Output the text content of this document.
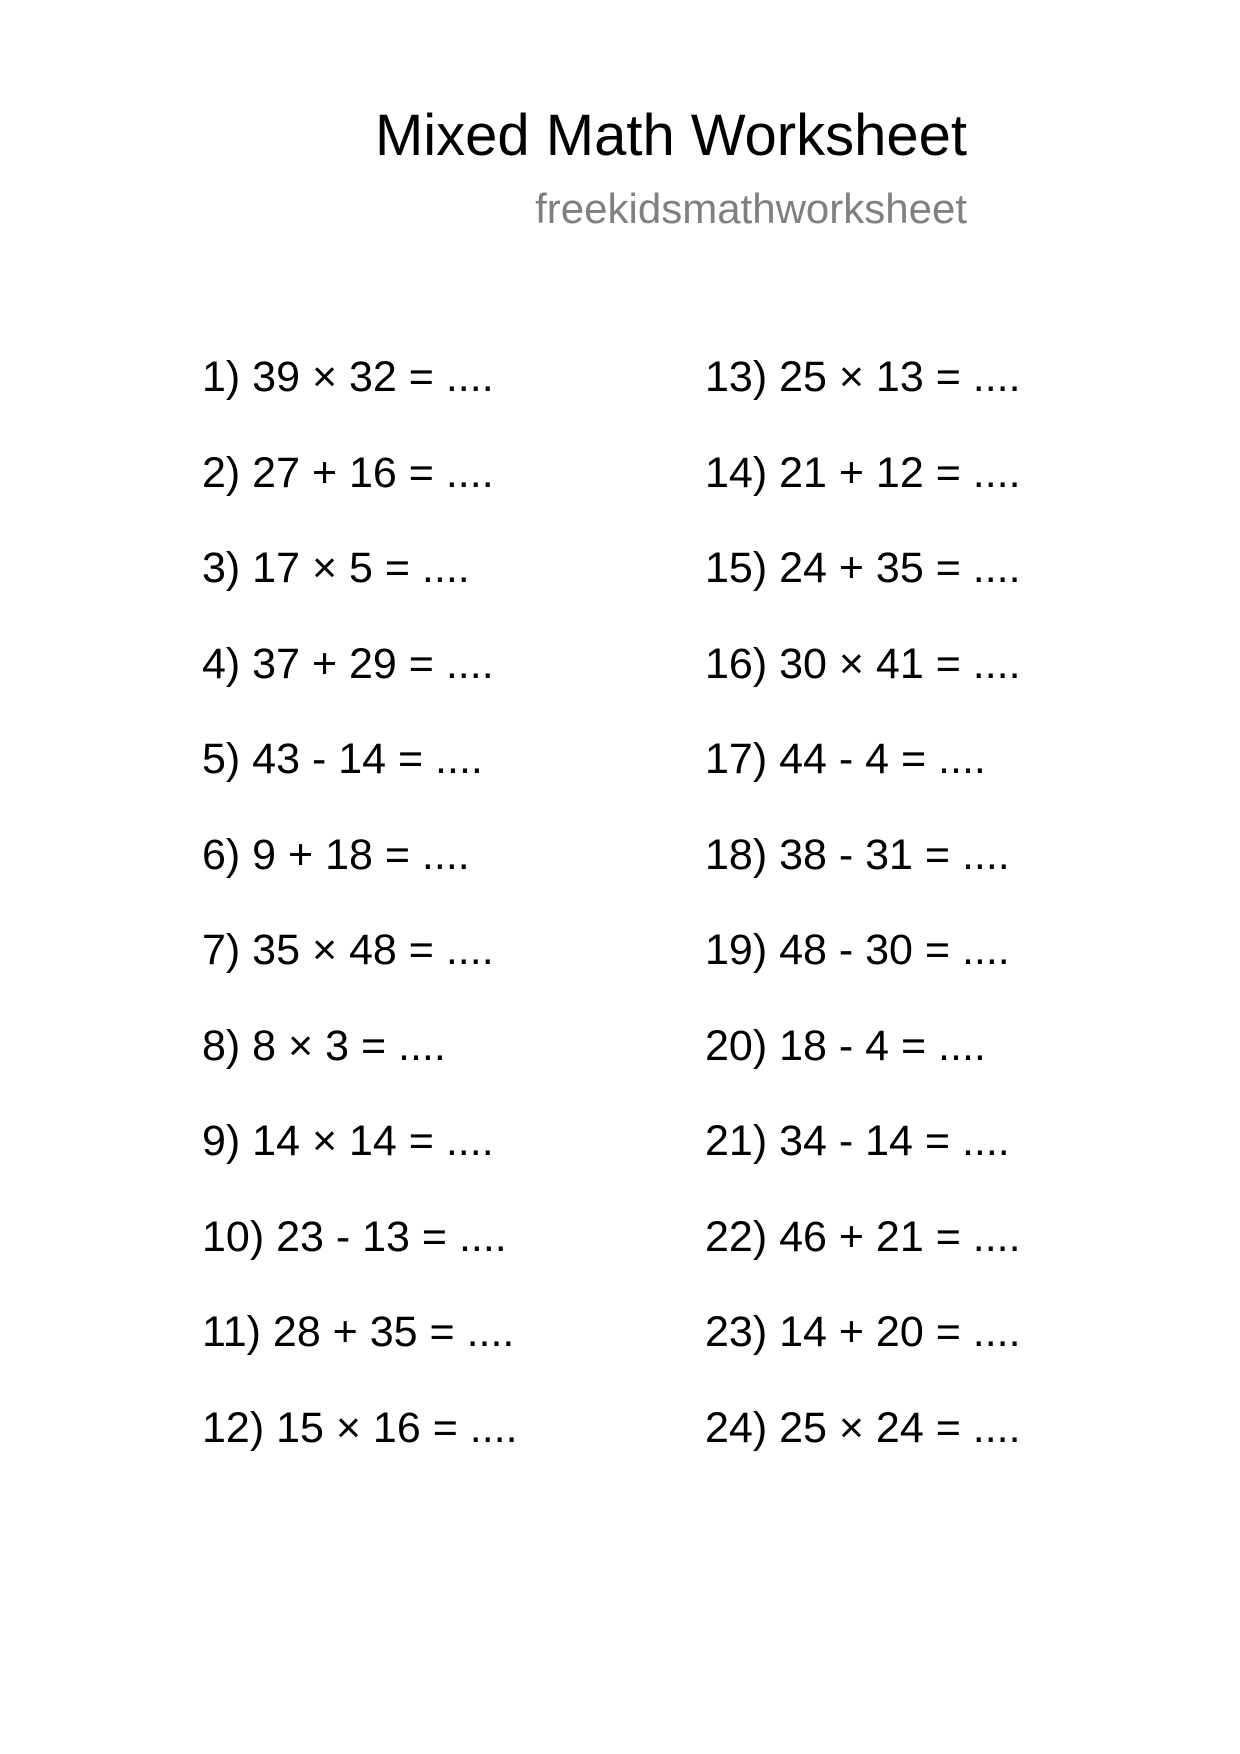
Mixed Math Worksheet
freekidsmathworksheet
1) 39 × 32 = ....
2) 27 + 16 = ....
3) 17 × 5 = ....
4) 37 + 29 = ....
5) 43 - 14 = ....
6) 9 + 18 = ....
7) 35 × 48 = ....
8) 8 × 3 = ....
9) 14 × 14 = ....
10) 23 - 13 = ....
11) 28 + 35 = ....
12) 15 × 16 = ....
13) 25 × 13 = ....
14) 21 + 12 = ....
15) 24 + 35 = ....
16) 30 × 41 = ....
17) 44 - 4 = ....
18) 38 - 31 = ....
19) 48 - 30 = ....
20) 18 - 4 = ....
21) 34 - 14 = ....
22) 46 + 21 = ....
23) 14 + 20 = ....
24) 25 × 24 = ....
